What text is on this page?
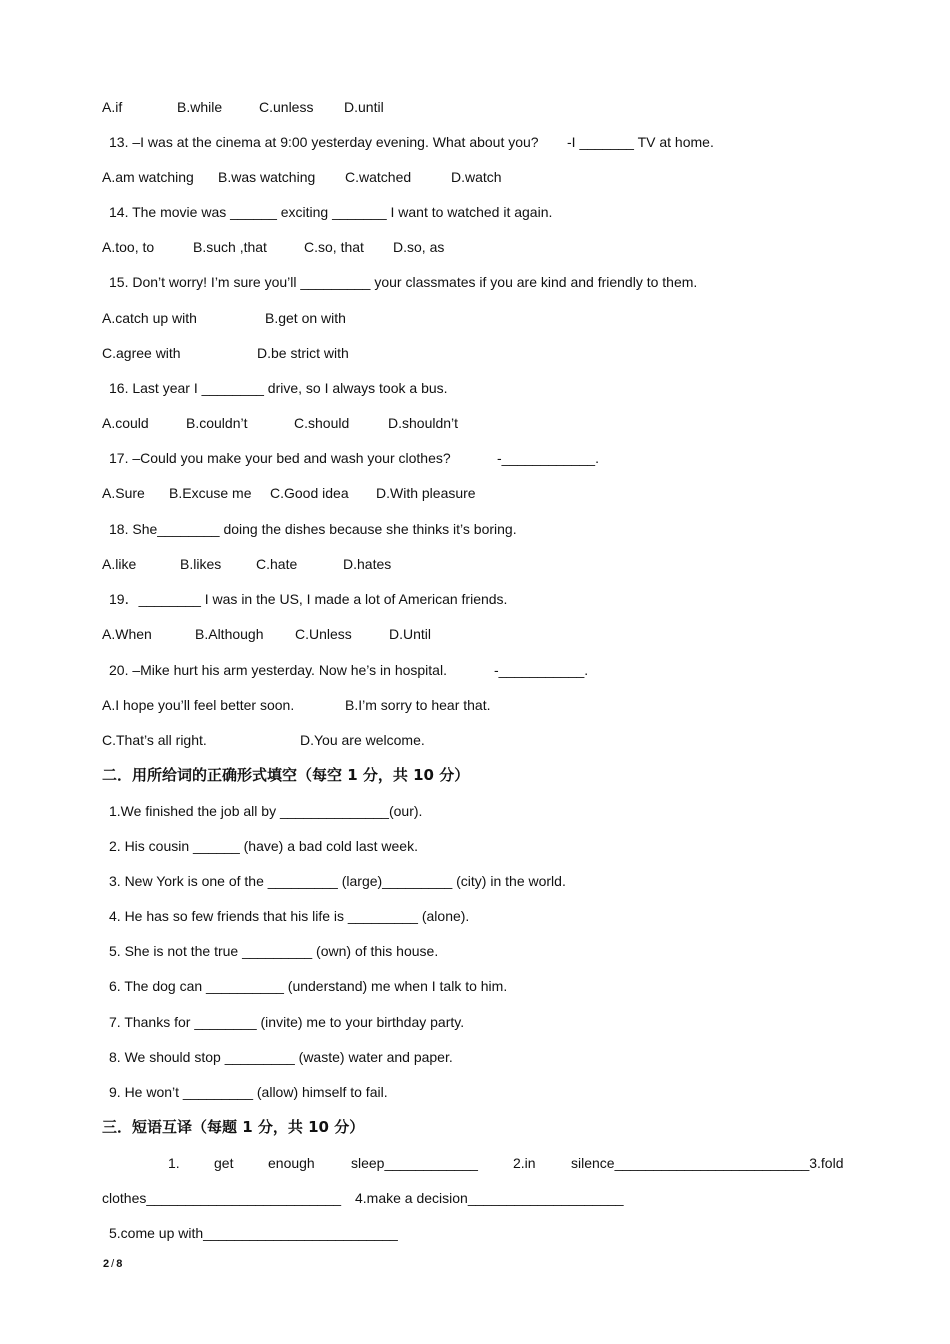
A.if

	B.while

	C.unless

D.until

13. –I was at the cinema at 9:00 yesterday evening. What about you?

-I _______ TV at home.

A.am watching

B.was watching

C.watched

	D.watch

14. The movie was ______ exciting _______ I want to watched it again.

A.too, to

	B.such ,that

	C.so, that

D.so, as

15. Don’t worry! I’m sure you’ll _________ your classmates if you are kind and friendly to them.

A.catch up with

	B.get on with

C.agree with

	D.be strict with

16. Last year I ________ drive, so I always took a bus.

A.could

	B.couldn’t

	C.should

	D.shouldn’t

17. –Could you make your bed and wash your clothes?

	-____________.

A.Sure

B.Excuse me

C.Good idea

D.With pleasure

18. She________ doing the dishes because she thinks it’s boring.

A.like

	B.likes

C.hate

	D.hates

19．________ I was in the US, I made a lot of American friends.

A.When

	B.Although

C.Unless

	D.Until

20. –Mike hurt his arm yesterday. Now he’s in hospital.

	-___________.

A.I hope you’ll feel better soon.

	B.I’m sorry to hear that.

C.That’s all right.

	D.You are welcome.

二．用所给词的正确形式填空（每空 1 分，共 10 分）

1.We finished the job all by ______________(our).

2. His cousin ______ (have) a bad cold last week.

3. New York is one of the _________ (large)_________ (city) in the world.

4. He has so few friends that his life is _________ (alone).

5. She is not the true _________ (own) of this house.

6. The dog can __________ (understand) me when I talk to him.

7. Thanks for ________ (invite) me to your birthday party.

8. We should stop _________ (waste) water and paper.

9. He won’t _________ (allow) himself to fail.

三．短语互译（每题 1 分，共 10 分）

1.

get

enough

	sleep____________

	2.in

	silence_________________________3.fold

clothes_________________________

4.make a decision____________________

5.come up with_________________________

2 / 8
